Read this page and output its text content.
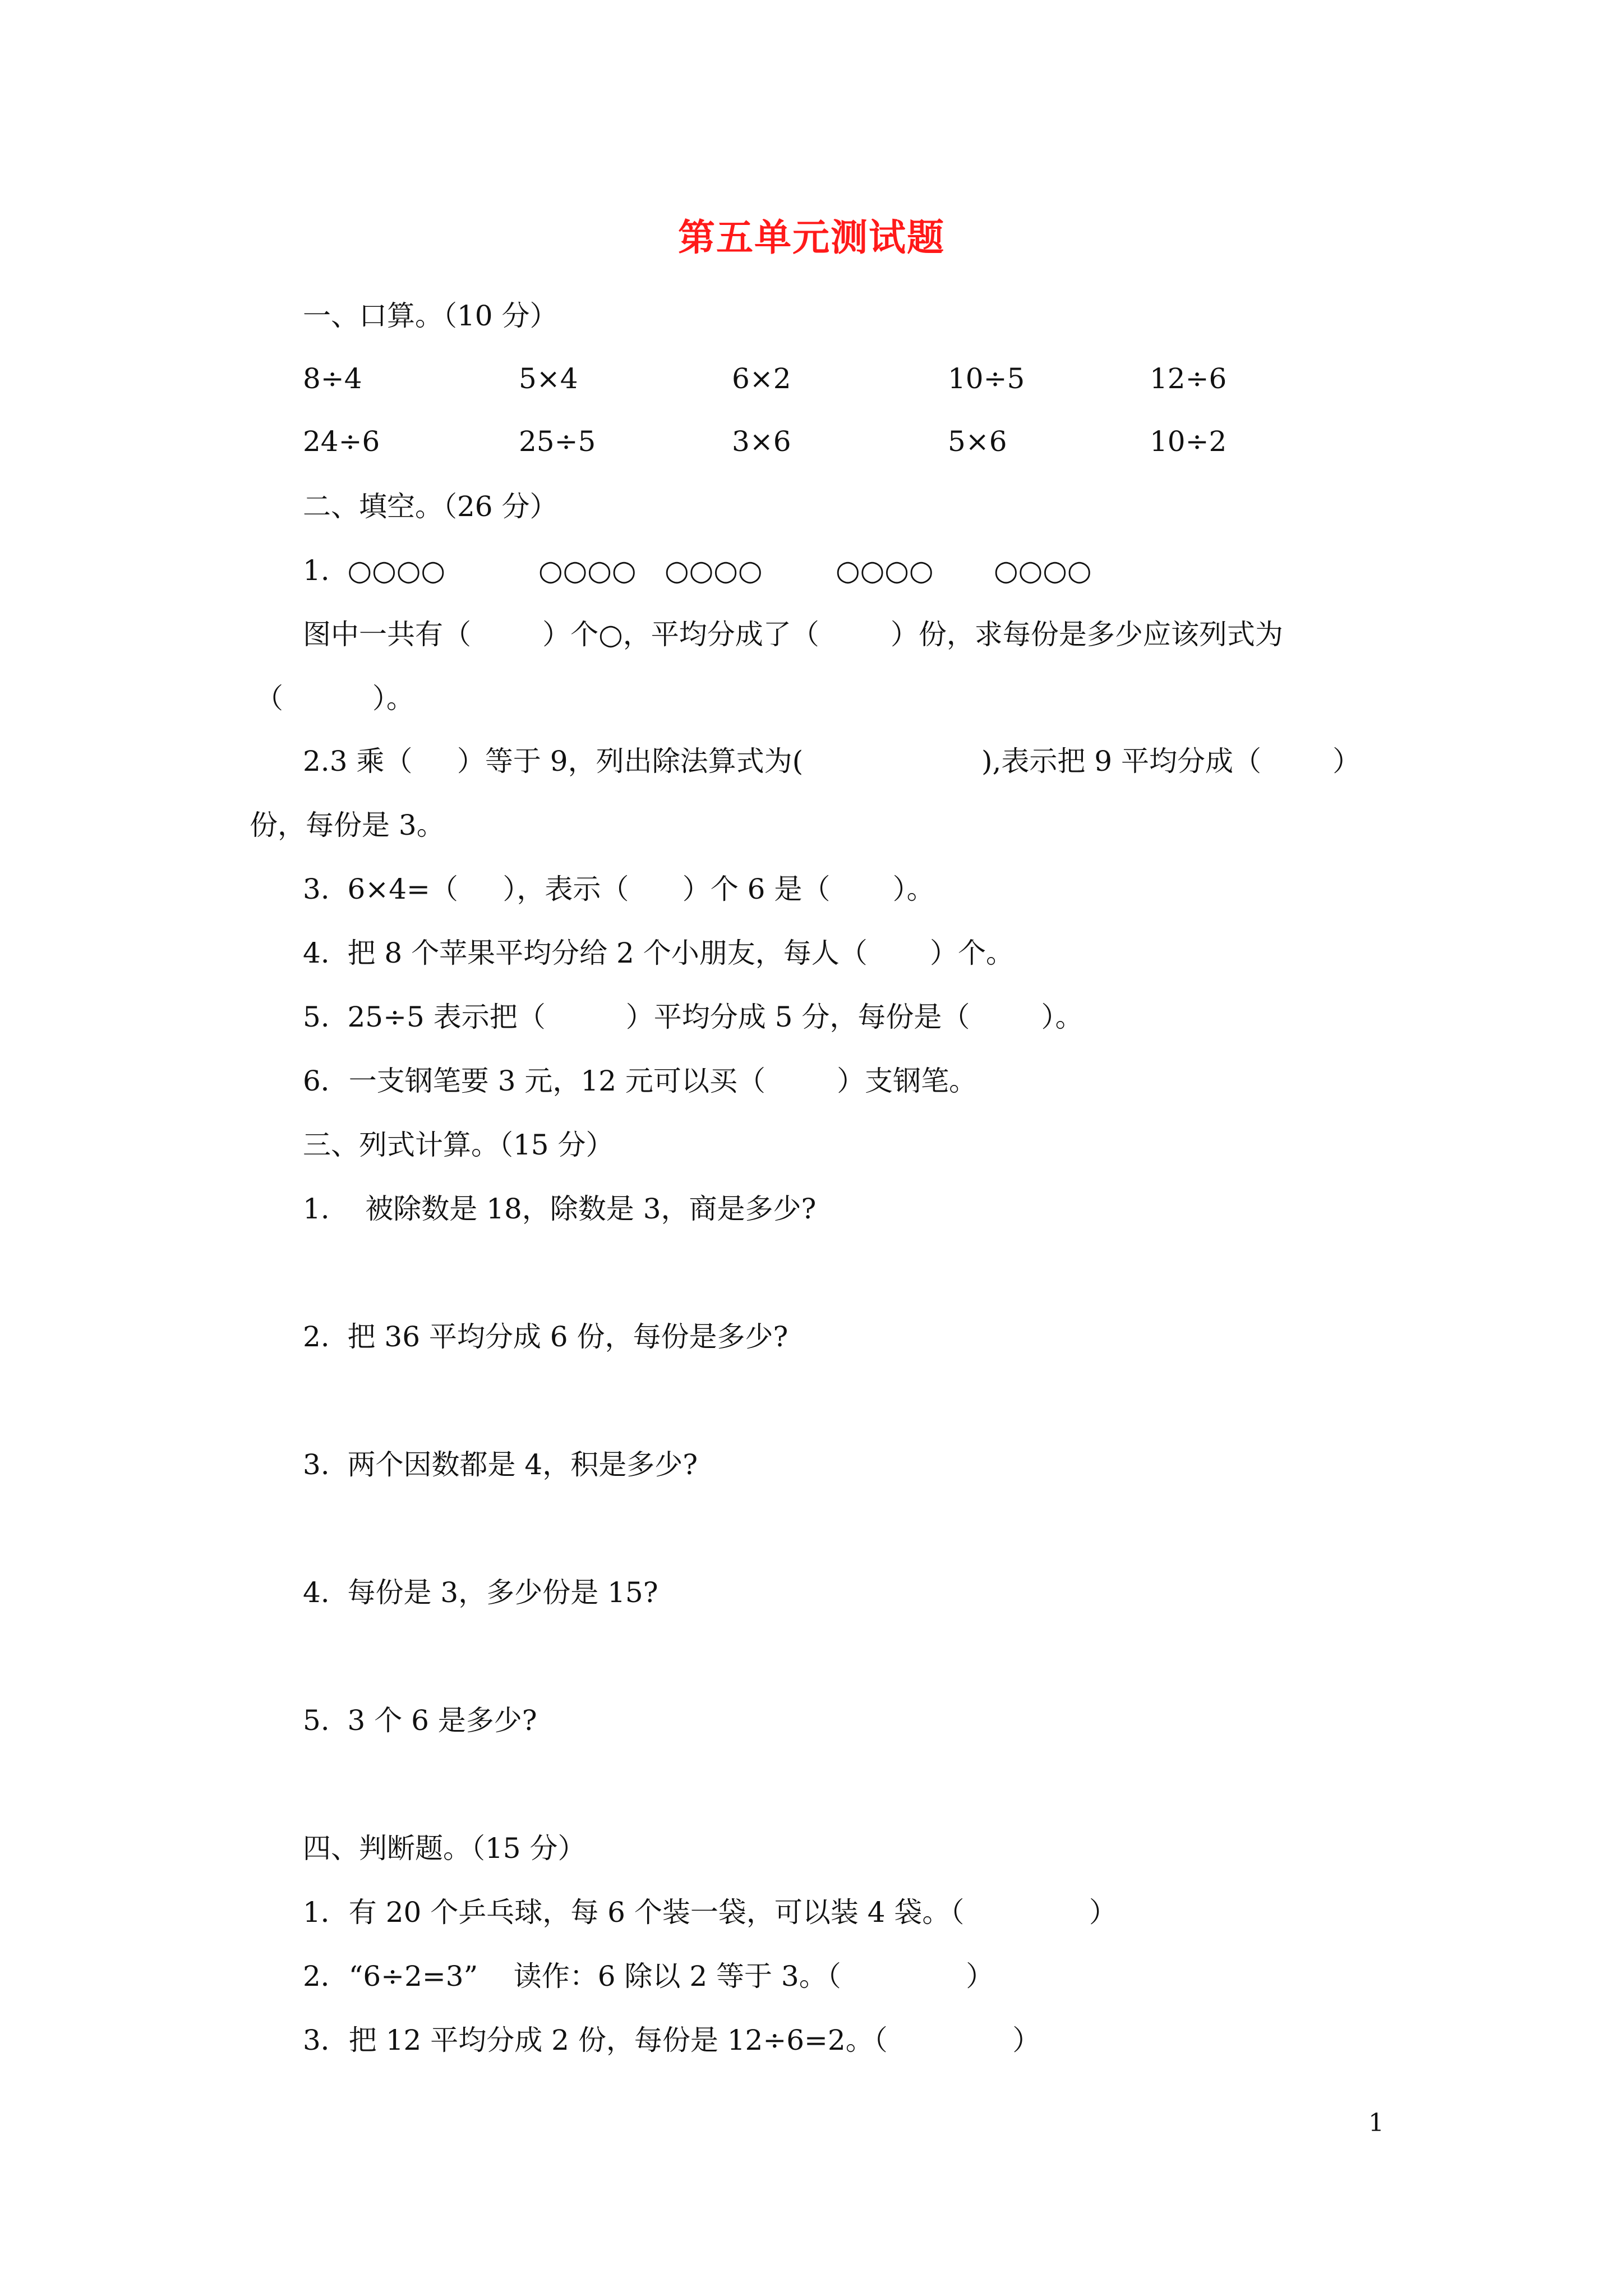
第五单元测试题
一、口算。（10 分）
8÷4	5×4	6×2	10÷5	12÷6
24÷6	25÷5	3×6	5×6	10÷2
二、填空。（26 分）
1.  ○○○○	○○○○ ○○○○	○○○○ ○○○○
图中一共有（        ）个○，平均分成了（        ）份，求每份是多少应该列式为
（          ）。
2.3 乘（     ）等于 9，列出除法算式为(                    ),表示把 9 平均分成（        ）
份，每份是 3。
3.  6×4=（     ），表示（      ）个 6 是（       ）。
4.  把 8 个苹果平均分给 2 个小朋友，每人（       ）个。
5.  25÷5 表示把（         ）平均分成 5 分，每份是（        ）。
6．一支钢笔要 3 元，12 元可以买（        ）支钢笔。
三、列式计算。（15 分）
1.    被除数是 18，除数是 3，商是多少?
2.  把 36 平均分成 6 份，每份是多少?
3.  两个因数都是 4，积是多少?
4.  每份是 3，多少份是 15?
5.  3 个 6 是多少?
四、判断题。（15 分）
1．有 20 个乒乓球，每 6 个装一袋，可以装 4 袋。（              ）
2．“6÷2=3”    读作：6 除以 2 等于 3。（              ）
3．把 12 平均分成 2 份，每份是 12÷6=2。（              ）
1
